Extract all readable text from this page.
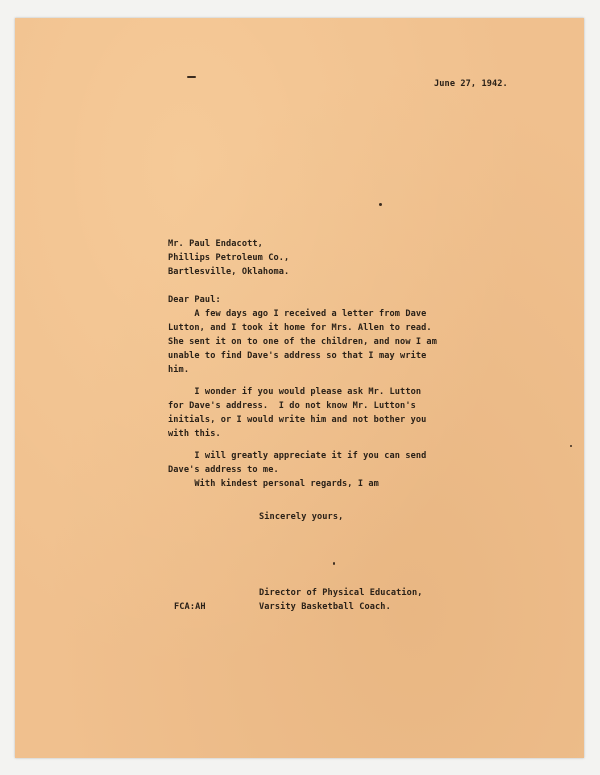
June 27, 1942.
Mr. Paul Endacott,
Phillips Petroleum Co.,
Bartlesville, Oklahoma.
Dear Paul:
A few days ago I received a letter from Dave
Lutton, and I took it home for Mrs. Allen to read.
She sent it on to one of the children, and now I am
unable to find Dave's address so that I may write
him.
I wonder if you would please ask Mr. Lutton
for Dave's address.  I do not know Mr. Lutton's
initials, or I would write him and not bother you
with this.
I will greatly appreciate it if you can send
Dave's address to me.
With kindest personal regards, I am
Sincerely yours,
Director of Physical Education,
Varsity Basketball Coach.
FCA:AH
